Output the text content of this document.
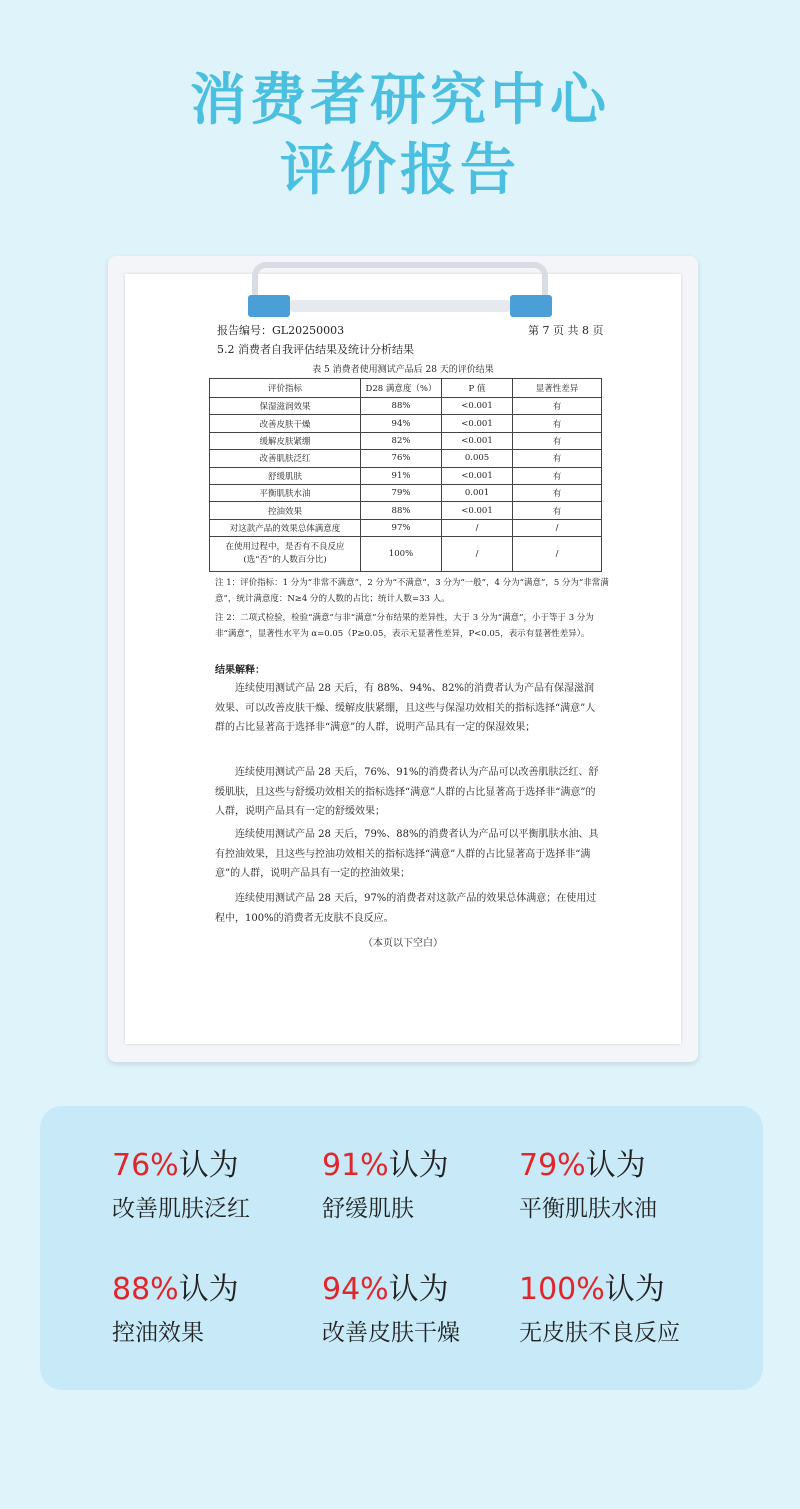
消费者研究中心
评价报告
报告编号：GL20250003	第 7 页 共 8 页
5.2 消费者自我评估结果及统计分析结果
表 5 消费者使用测试产品后 28 天的评价结果
评价指标	D28 满意度（%）	P 值	显著性差异
保湿滋润效果	88%	<0.001	有
改善皮肤干燥	94%	<0.001	有
缓解皮肤紧绷	82%	<0.001	有
改善肌肤泛红	76%	0.005	有
舒缓肌肤	91%	<0.001	有
平衡肌肤水油	79%	0.001	有
控油效果	88%	<0.001	有
对这款产品的效果总体满意度	97%	/	/
在使用过程中，是否有不良反应(选“否”的人数百分比)	100%	/	/
注 1：评价指标：1 分为“非常不满意”，2 分为“不满意”，3 分为“一般”，4 分为“满意”，5 分为“非常满意”，统计满意度：N≥4 分的人数的占比；统计人数=33 人。
注 2：二项式检验，检验“满意”与非“满意”分布结果的差异性，大于 3 分为“满意”，小于等于 3 分为非“满意”，显著性水平为 α=0.05（P≥0.05，表示无显著性差异，P<0.05，表示有显著性差异）。
结果解释：
连续使用测试产品 28 天后，有 88%、94%、82%的消费者认为产品有保湿滋润效果、可以改善皮肤干燥、缓解皮肤紧绷，且这些与保湿功效相关的指标选择“满意”人群的占比显著高于选择非“满意”的人群，说明产品具有一定的保湿效果；
连续使用测试产品 28 天后，76%、91%的消费者认为产品可以改善肌肤泛红、舒缓肌肤，且这些与舒缓功效相关的指标选择“满意”人群的占比显著高于选择非“满意”的人群，说明产品具有一定的舒缓效果；
连续使用测试产品 28 天后，79%、88%的消费者认为产品可以平衡肌肤水油、具有控油效果，且这些与控油功效相关的指标选择“满意”人群的占比显著高于选择非“满意”的人群，说明产品具有一定的控油效果；
连续使用测试产品 28 天后，97%的消费者对这款产品的效果总体满意；在使用过程中，100%的消费者无皮肤不良反应。
（本页以下空白）
76%认为
改善肌肤泛红
91%认为
舒缓肌肤
79%认为
平衡肌肤水油
88%认为
控油效果
94%认为
改善皮肤干燥
100%认为
无皮肤不良反应
